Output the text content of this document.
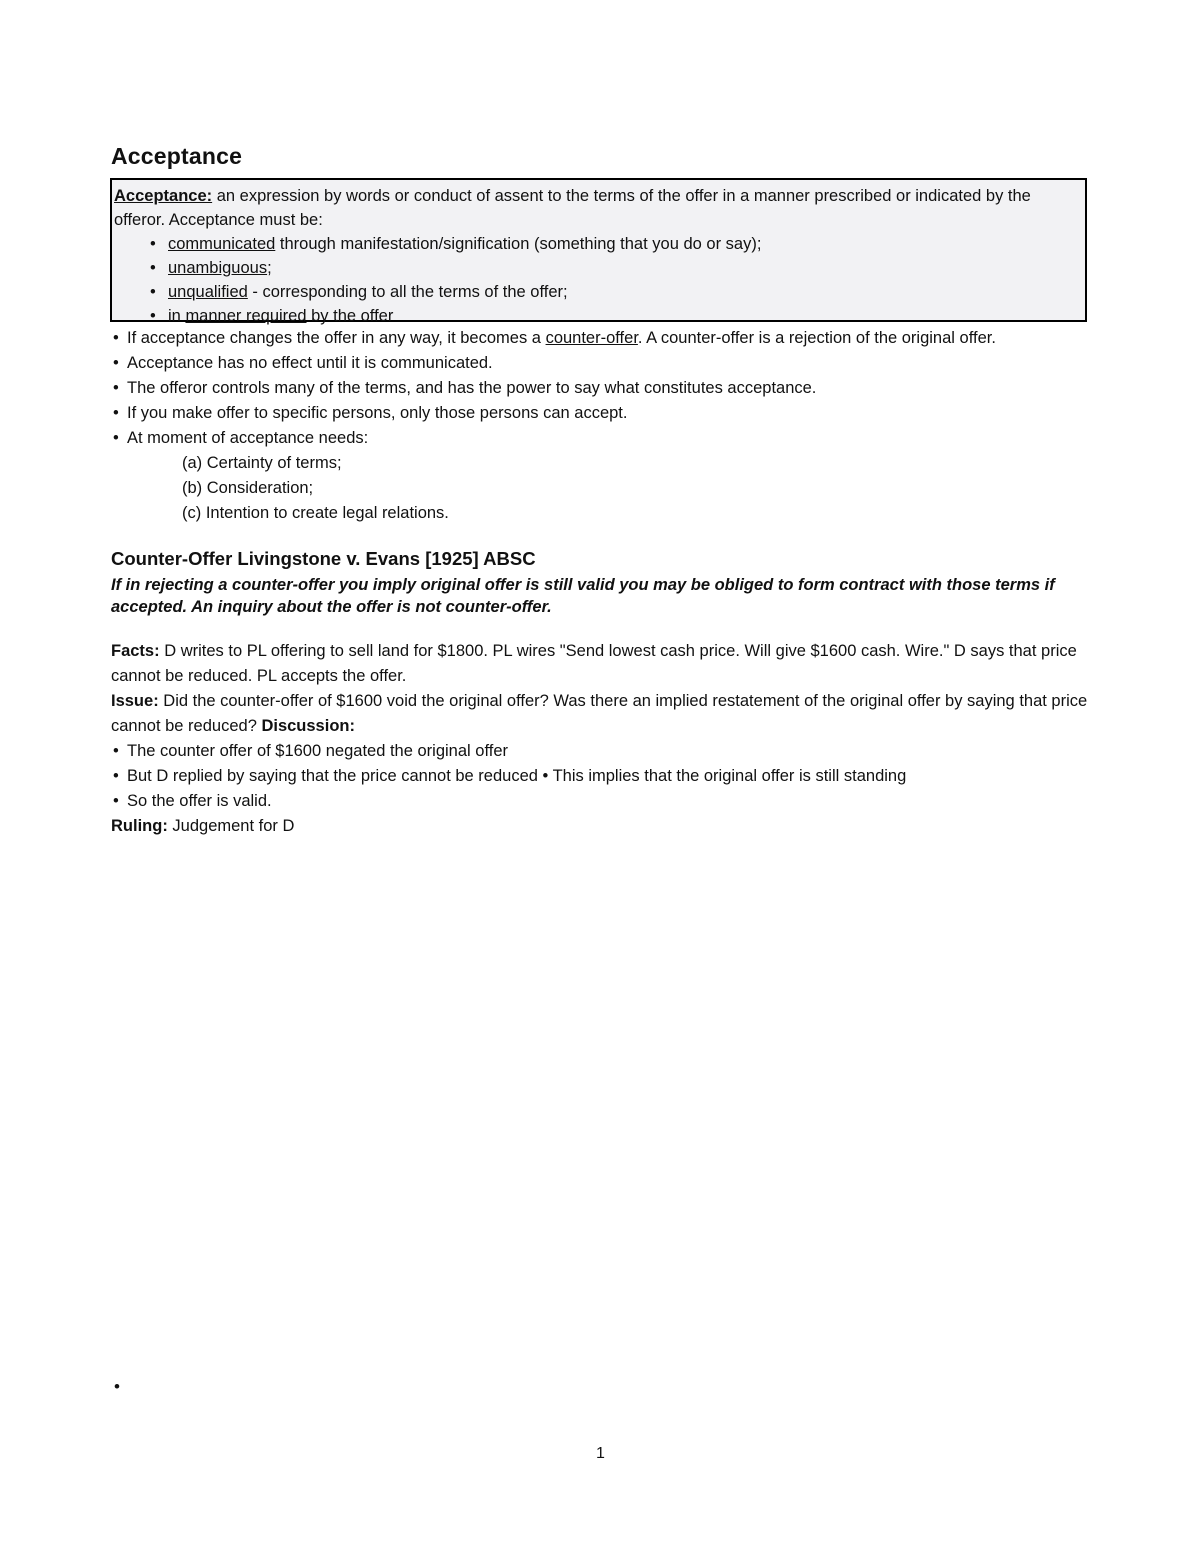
Acceptance
Acceptance: an expression by words or conduct of assent to the terms of the offer in a manner prescribed or indicated by the offeror. Acceptance must be:
• communicated through manifestation/signification (something that you do or say);
• unambiguous;
• unqualified - corresponding to all the terms of the offer;
• in manner required by the offer
• If acceptance changes the offer in any way, it becomes a counter-offer. A counter-offer is a rejection of the original offer.
• Acceptance has no effect until it is communicated.
• The offeror controls many of the terms, and has the power to say what constitutes acceptance.
• If you make offer to specific persons, only those persons can accept.
• At moment of acceptance needs:
(a) Certainty of terms;
(b) Consideration;
(c) Intention to create legal relations.
Counter-Offer Livingstone v. Evans [1925] ABSC
If in rejecting a counter-offer you imply original offer is still valid you may be obliged to form contract with those terms if accepted. An inquiry about the offer is not counter-offer.
Facts: D writes to PL offering to sell land for $1800. PL wires "Send lowest cash price. Will give $1600 cash. Wire." D says that price cannot be reduced. PL accepts the offer.
Issue: Did the counter-offer of $1600 void the original offer? Was there an implied restatement of the original offer by saying that price cannot be reduced? Discussion:
• The counter offer of $1600 negated the original offer
• But D replied by saying that the price cannot be reduced • This implies that the original offer is still standing
• So the offer is valid.
Ruling: Judgement for D
•
1
